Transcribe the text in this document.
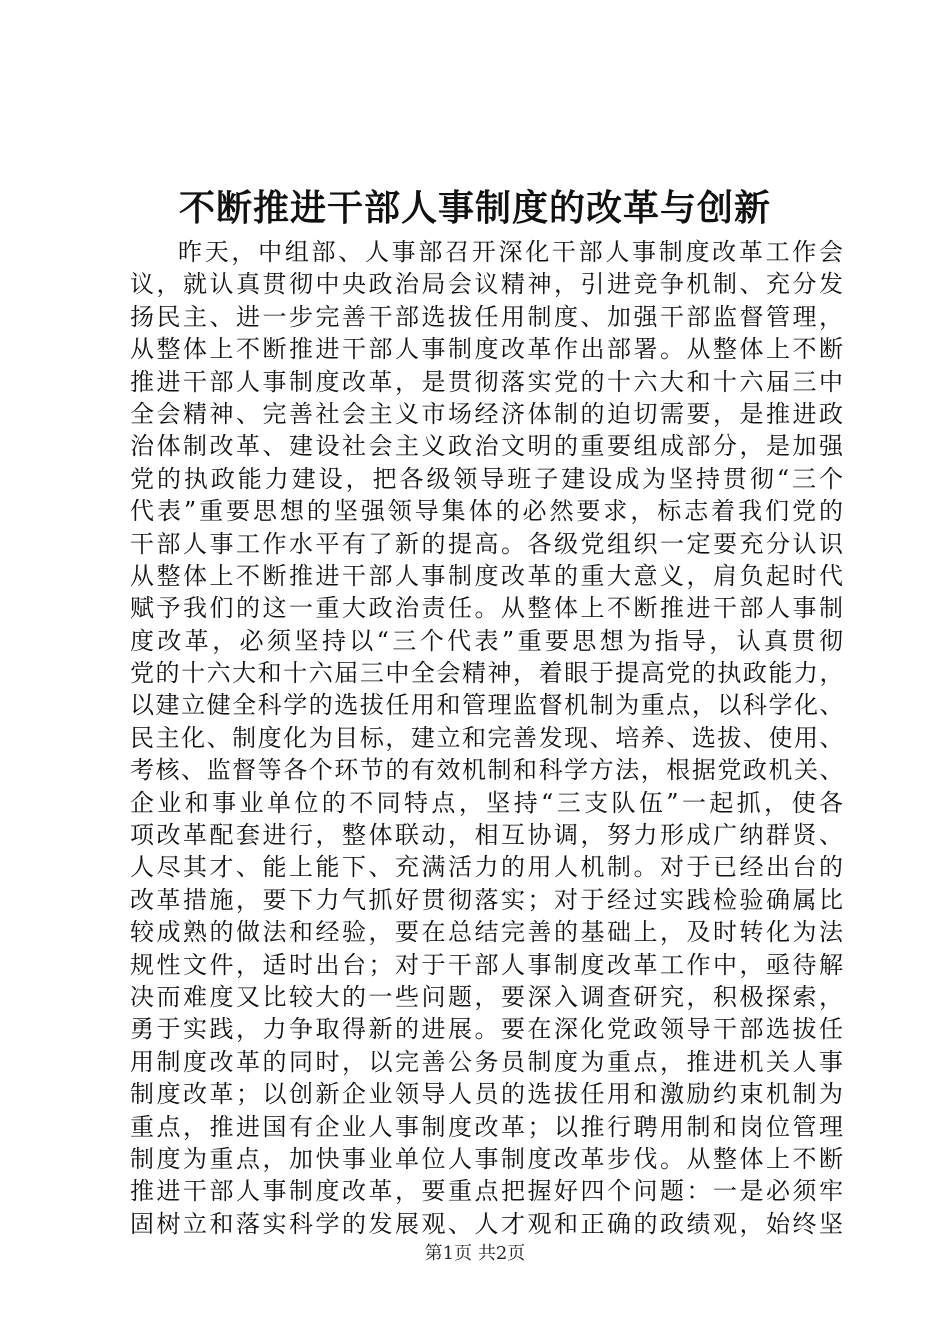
不断推进干部人事制度的改革与创新
昨天，中组部、人事部召开深化干部人事制度改革工作会
议，就认真贯彻中央政治局会议精神，引进竞争机制、充分发
扬民主、进一步完善干部选拔任用制度、加强干部监督管理，
从整体上不断推进干部人事制度改革作出部署。从整体上不断
推进干部人事制度改革，是贯彻落实党的十六大和十六届三中
全会精神、完善社会主义市场经济体制的迫切需要，是推进政
治体制改革、建设社会主义政治文明的重要组成部分，是加强
党的执政能力建设，把各级领导班子建设成为坚持贯彻“三个
代表”重要思想的坚强领导集体的必然要求，标志着我们党的
干部人事工作水平有了新的提高。各级党组织一定要充分认识
从整体上不断推进干部人事制度改革的重大意义，肩负起时代
赋予我们的这一重大政治责任。从整体上不断推进干部人事制
度改革，必须坚持以“三个代表”重要思想为指导，认真贯彻
党的十六大和十六届三中全会精神，着眼于提高党的执政能力，
以建立健全科学的选拔任用和管理监督机制为重点，以科学化、
民主化、制度化为目标，建立和完善发现、培养、选拔、使用、
考核、监督等各个环节的有效机制和科学方法，根据党政机关、
企业和事业单位的不同特点，坚持“三支队伍”一起抓，使各
项改革配套进行，整体联动，相互协调，努力形成广纳群贤、
人尽其才、能上能下、充满活力的用人机制。对于已经出台的
改革措施，要下力气抓好贯彻落实；对于经过实践检验确属比
较成熟的做法和经验，要在总结完善的基础上，及时转化为法
规性文件，适时出台；对于干部人事制度改革工作中，亟待解
决而难度又比较大的一些问题，要深入调查研究，积极探索，
勇于实践，力争取得新的进展。要在深化党政领导干部选拔任
用制度改革的同时，以完善公务员制度为重点，推进机关人事
制度改革；以创新企业领导人员的选拔任用和激励约束机制为
重点，推进国有企业人事制度改革；以推行聘用制和岗位管理
制度为重点，加快事业单位人事制度改革步伐。从整体上不断
推进干部人事制度改革，要重点把握好四个问题：一是必须牢
固树立和落实科学的发展观、人才观和正确的政绩观，始终坚
第1页 共2页
